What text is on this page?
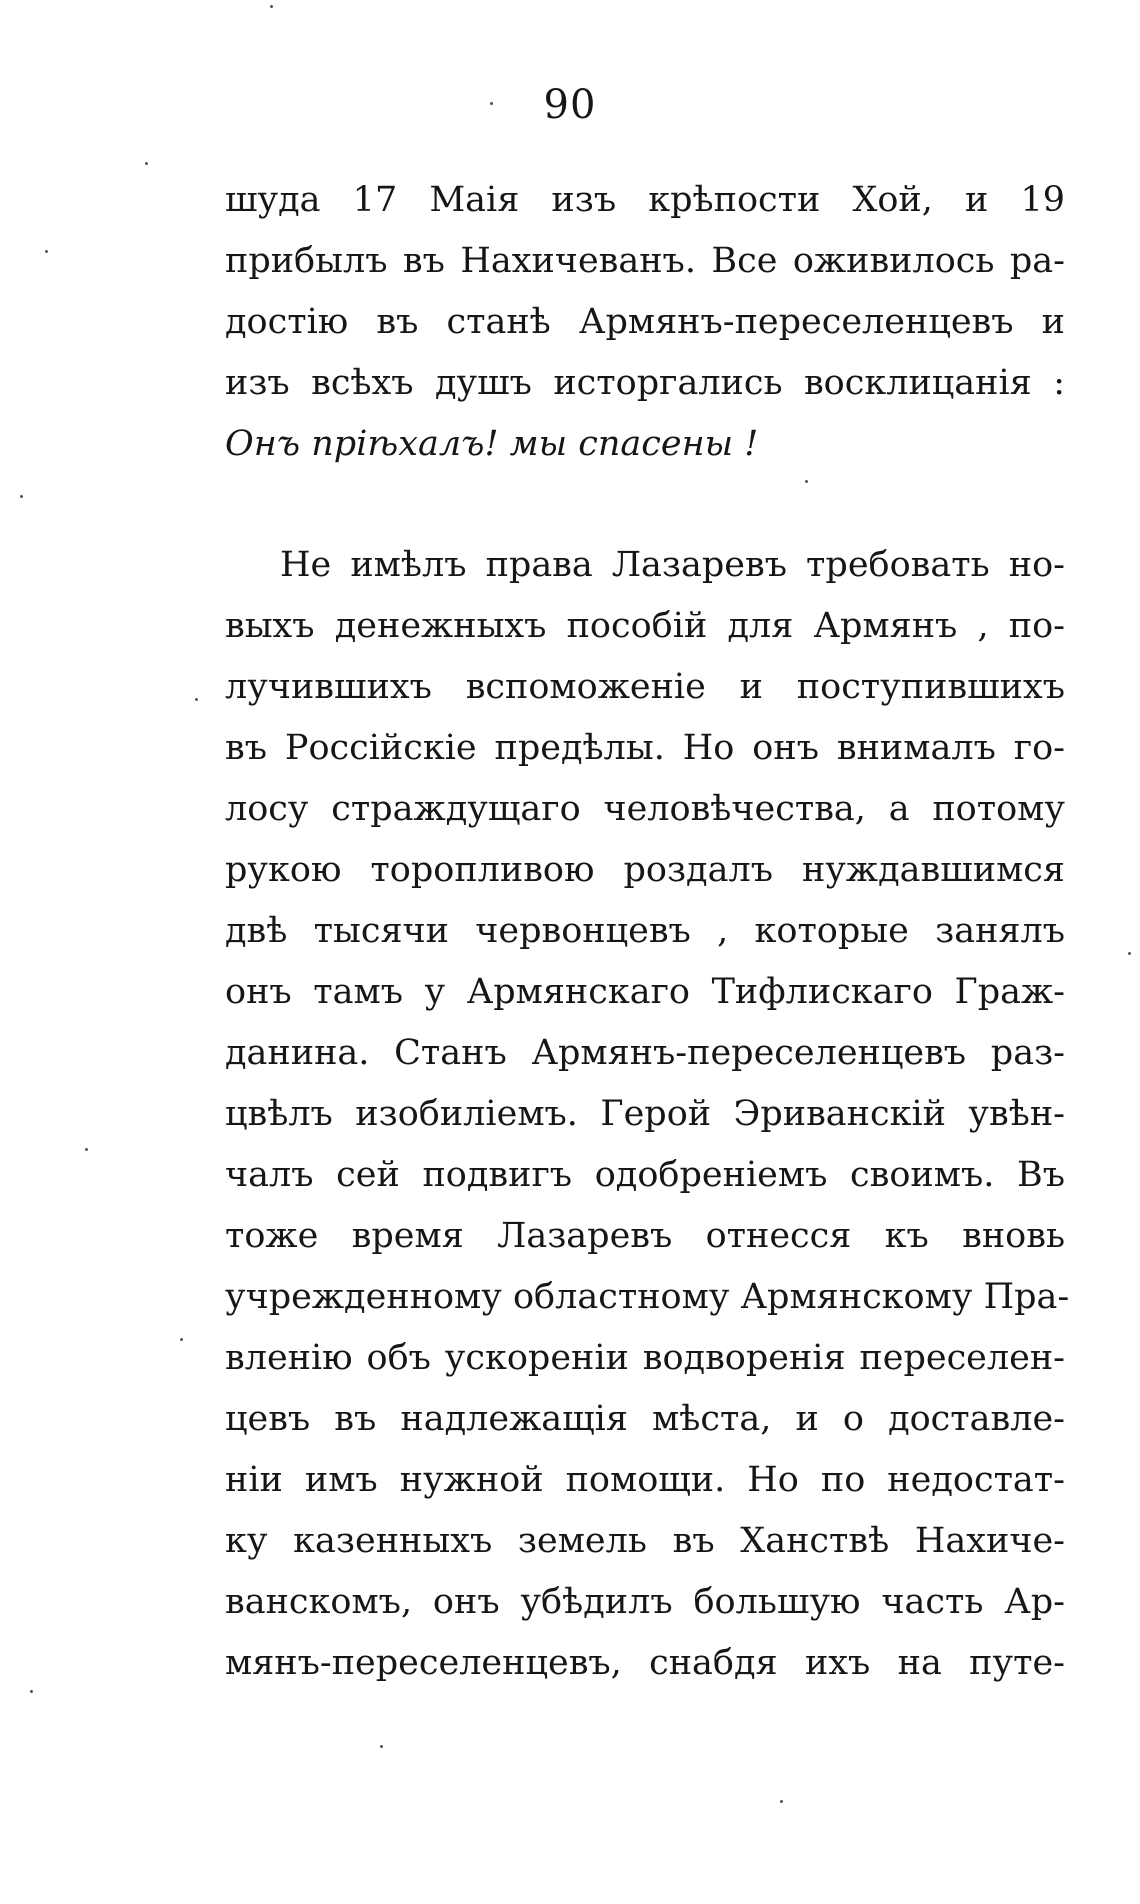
90
шуда 17 Маія изъ крѣпости Хой, и 19
прибылъ въ Нахичеванъ. Все оживилось ра-
достію въ станѣ Армянъ-переселенцевъ и
изъ всѣхъ душъ исторгались восклицанія :
Онъ пріѣхалъ! мы спасены !
Не имѣлъ права Лазаревъ требовать но-
выхъ денежныхъ пособій для Армянъ , по-
лучившихъ вспоможеніе и поступившихъ
въ Россійскіе предѣлы. Но онъ внималъ го-
лосу страждущаго человѣчества, а потому
рукою торопливою роздалъ нуждавшимся
двѣ тысячи червонцевъ , которые занялъ
онъ тамъ у Армянскаго Тифлискаго Граж-
данина. Станъ Армянъ-переселенцевъ раз-
цвѣлъ изобиліемъ. Герой Эриванскій увѣн-
чалъ сей подвигъ одобреніемъ своимъ. Въ
тоже время Лазаревъ отнесся къ вновь
учрежденному областному Армянскому Пра-
вленію объ ускореніи водворенія переселен-
цевъ въ надлежащія мѣста, и о доставле-
ніи имъ нужной помощи. Но по недостат-
ку казенныхъ земель въ Ханствѣ Нахиче-
ванскомъ, онъ убѣдилъ большую часть Ар-
мянъ-переселенцевъ, снабдя ихъ на путе-
